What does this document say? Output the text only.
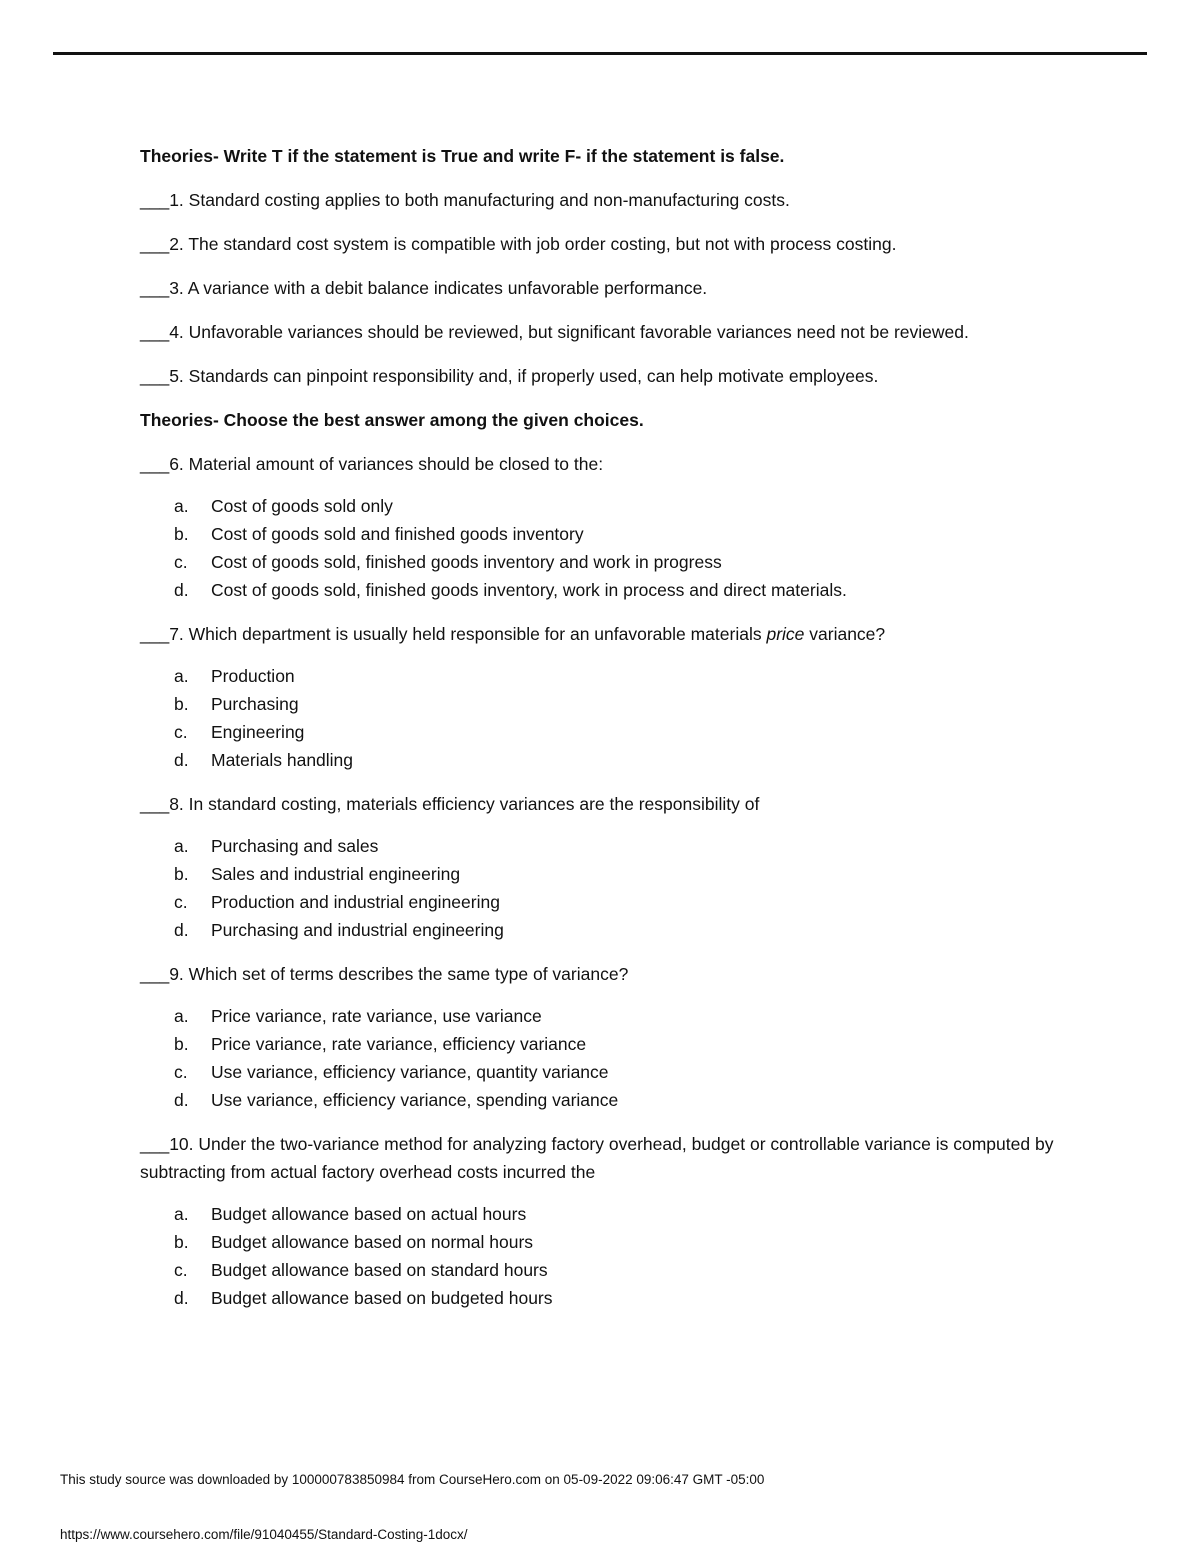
Theories- Write T if the statement is True and write F- if the statement is false.
___1. Standard costing applies to both manufacturing and non-manufacturing costs.
___2. The standard cost system is compatible with job order costing, but not with process costing.
___3. A variance with a debit balance indicates unfavorable performance.
___4. Unfavorable variances should be reviewed, but significant favorable variances need not be reviewed.
___5. Standards can pinpoint responsibility and, if properly used, can help motivate employees.
Theories- Choose the best answer among the given choices.
___6. Material amount of variances should be closed to the:
a.	Cost of goods sold only
b.	Cost of goods sold and finished goods inventory
c.	Cost of goods sold, finished goods inventory and work in progress
d.	Cost of goods sold, finished goods inventory, work in process and direct materials.
___7. Which department is usually held responsible for an unfavorable materials price variance?
a.	Production
b.	Purchasing
c.	Engineering
d.	Materials handling
___8. In standard costing, materials efficiency variances are the responsibility of
a.	Purchasing and sales
b.	Sales and industrial engineering
c.	Production and industrial engineering
d.	Purchasing and industrial engineering
___9. Which set of terms describes the same type of variance?
a.	Price variance, rate variance, use variance
b.	Price variance, rate variance, efficiency variance
c.	Use variance, efficiency variance, quantity variance
d.	Use variance, efficiency variance, spending variance
___10. Under the two-variance method for analyzing factory overhead, budget or controllable variance is computed by subtracting from actual factory overhead costs incurred the
a.	Budget allowance based on actual hours
b.	Budget allowance based on normal hours
c.	Budget allowance based on standard hours
d.	Budget allowance based on budgeted hours
This study source was downloaded by 100000783850984 from CourseHero.com on 05-09-2022 09:06:47 GMT -05:00
https://www.coursehero.com/file/91040455/Standard-Costing-1docx/
